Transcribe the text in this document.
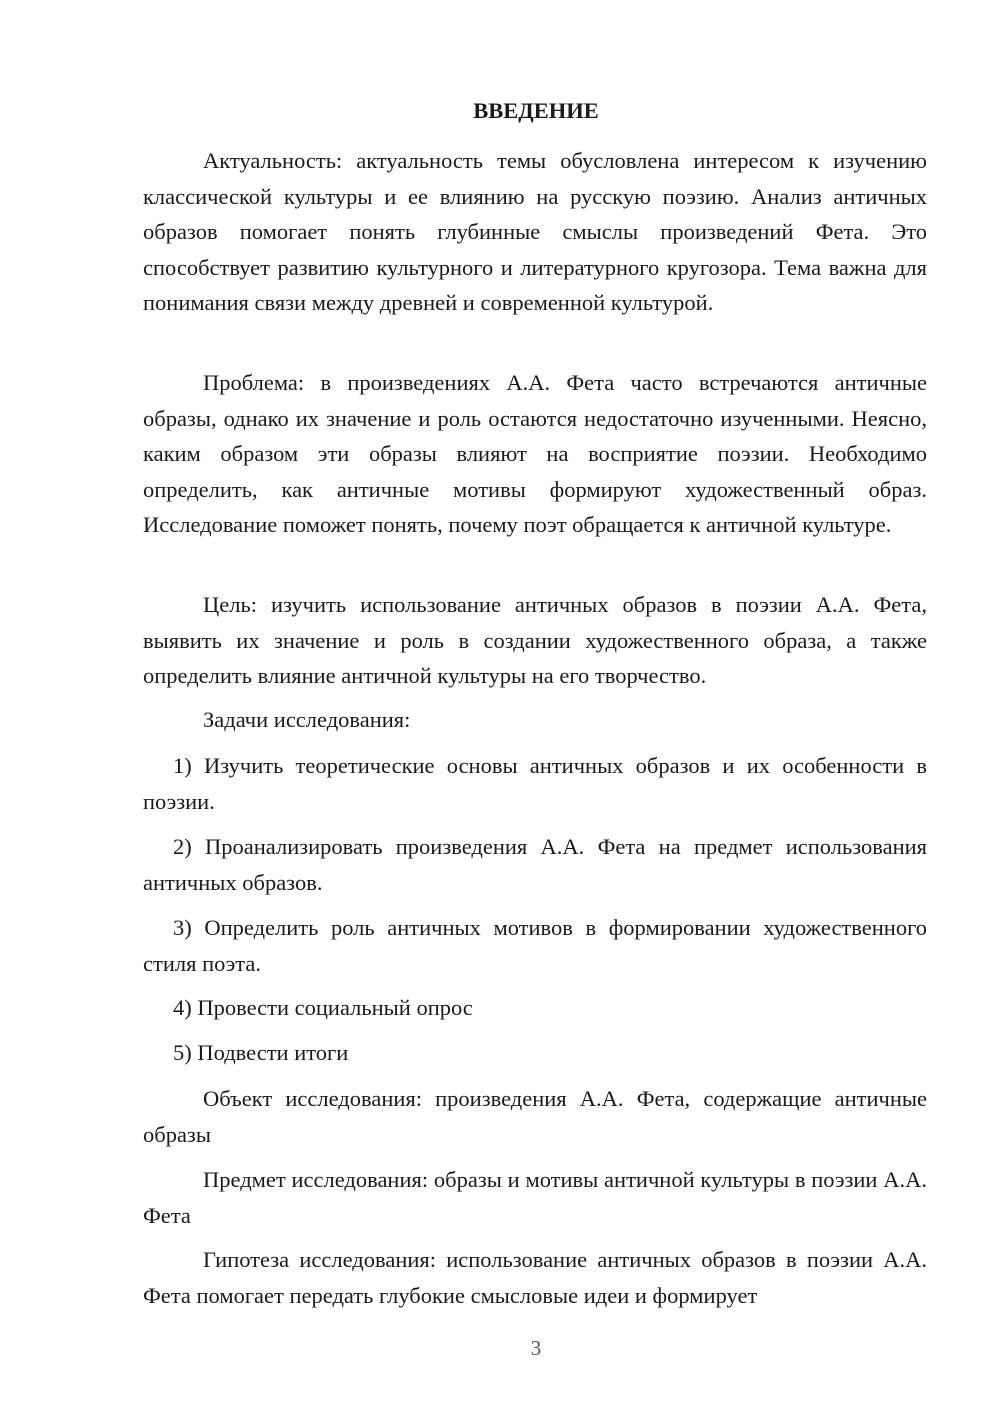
ВВЕДЕНИЕ

Актуальность: актуальность темы обусловлена интересом к изучению классической культуры и ее влиянию на русскую поэзию. Анализ античных образов помогает понять глубинные смыслы произведений Фета. Это способствует развитию культурного и литературного кругозора. Тема важна для понимания связи между древней и современной культурой.

Проблема: в произведениях А.А. Фета часто встречаются античные образы, однако их значение и роль остаются недостаточно изученными. Неясно, каким образом эти образы влияют на восприятие поэзии. Необходимо определить, как античные мотивы формируют художественный образ. Исследование поможет понять, почему поэт обращается к античной культуре.

Цель: изучить использование античных образов в поэзии А.А. Фета, выявить их значение и роль в создании художественного образа, а также определить влияние античной культуры на его творчество.

Задачи исследования:

1) Изучить теоретические основы античных образов и их особенности в поэзии.

2) Проанализировать произведения А.А. Фета на предмет использования античных образов.

3) Определить роль античных мотивов в формировании художественного стиля поэта.

4) Провести социальный опрос

5) Подвести итоги

Объект исследования: произведения А.А. Фета, содержащие античные образы

Предмет исследования: образы и мотивы античной культуры в поэзии А.А. Фета

Гипотеза исследования: использование античных образов в поэзии А.А. Фета помогает передать глубокие смысловые идеи и формирует

3
